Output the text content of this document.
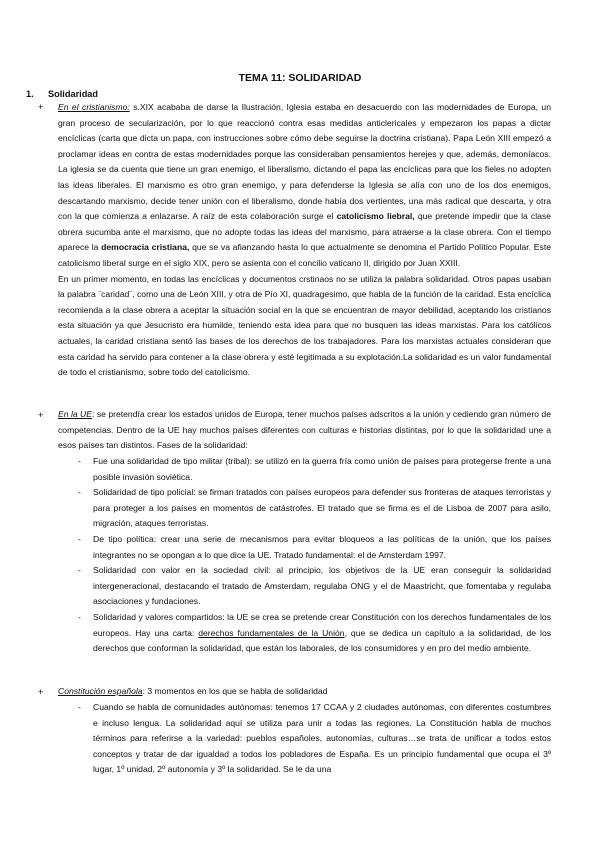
TEMA 11: SOLIDARIDAD
1. Solidaridad
+ En el cristianismo: s.XIX acababa de darse la Ilustración, Iglesia estaba en desacuerdo con las modernidades de Europa, un gran proceso de secularización, por lo que reaccionó contra esas medidas anticlericales y empezaron los papas a dictar encíclicas (carta que dicta un papa, con instrucciones sobre cómo debe seguirse la doctrina cristiana). Papa León XIII empezó a proclamar ideas en contra de estas modernidades porque las consideraban pensamientos herejes y que, además, demoníacos. La iglesia se da cuenta que tiene un gran enemigo, el liberalismo, dictando el papa las encíclicas para que los fieles no adopten las ideas liberales. El marxismo es otro gran enemigo, y para defenderse la Iglesia se alía con uno de los dos enemigos, descartando marxismo, decide tener unión con el liberalismo, donde había dos vertientes, una más radical que descarta, y otra con la que comienza a enlazarse. A raíz de esta colaboración surge el catolicismo liebral, que pretende impedir que la clase obrera sucumba ante el marxismo, que no adopte todas las ideas del marxismo, para atraerse a la clase obrera. Con el tiempo aparece la democracia cristiana, que se va afianzando hasta lo que actualmente se denomina el Partido Político Popular. Este catolicismo liberal surge en el siglo XIX, pero se asienta con el concilio vaticano II, dirigido por Juan XXIII.

En un primer momento, en todas las encíclicas y documentos crstinaos no se utiliza la palabra solidaridad. Otros papas usaban la palabra ¨caridad¨, como una de León XIII, y otra de Pío XI, quadragesimo, que habla de la función de la caridad. Esta encíclica recomienda a la clase obrera a aceptar la situación social en la que se encuentran de mayor debilidad, aceptando los cristianos esta situación ya que Jesucristo era humilde, teniendo esta idea para que no busquen las ideas marxistas. Para los católicos actuales, la caridad cristiana sentó las bases de los derechos de los trabajadores. Para los marxistas actuales consideran que esta caridad ha servido para contener a la clase obrera y esté legitimada a su explotación.La solidaridad es un valor fundamental de todo el cristianismo, sobre todo del catolicismo.

+ En la UE: se pretendía crear los estados unidos de Europa, tener muchos países adscritos a la unión y cediendo gran número de competencias. Dentro de la UE hay muchos países diferentes con culturas e historias distintas, por lo que la solidaridad une a esos países tan distintos. Fases de la solidaridad:

- Fue una solidaridad de tipo militar (tribal): se utilizó en la guerra fría como unión de países para protegerse frente a una posible invasión soviética.
- Solidaridad de tipo policial: se firman tratados con países europeos para defender sus fronteras de ataques terroristas y para proteger a los países en momentos de catástrofes. El tratado que se firma es el de Lisboa de 2007 para asilo, migración, ataques terroristas.
- De tipo política: crear una serie de mecanismos para evitar bloqueos a las políticas de la unión, que los países integrantes no se opongan a lo que dice la UE. Tratado fundamental: el de Amsterdam 1997.
- Solidaridad con valor en la sociedad civil: al principio, los objetivos de la UE eran conseguir la solidaridad intergeneracional, destacando el tratado de Amsterdam, regulaba ONG y el de Maastricht, que fomentaba y regulaba asociaciones y fundaciones.
- Solidaridad y valores compartidos: la UE se crea se pretende crear Constitución con los derechos fundamentales de los europeos. Hay una carta: derechos fundamentales de la Unión, que se dedica un capítulo a la solidaridad, de los derechos que conforman la solidaridad, que están los laborales, de los consumidores y en pro del medio ambiente.
+ Constitución española: 3 momentos en los que se habla de solidaridad

- Cuando se habla de comunidades autónomas: tenemos 17 CCAA y 2 ciudades autónomas, con diferentes costumbres e incluso lengua. La solidaridad aquí se utiliza para unir a todas las regiones. La Constitución habla de muchos términos para referirse a la variedad: pueblos españoles, autonomías, culturas…se trata de unificar a todos estos conceptos y tratar de dar igualdad a todos los pobladores de España. Es un principio fundamental que ocupa el 3º lugar, 1º unidad, 2º autonomía y 3º la solidaridad. Se le da una
